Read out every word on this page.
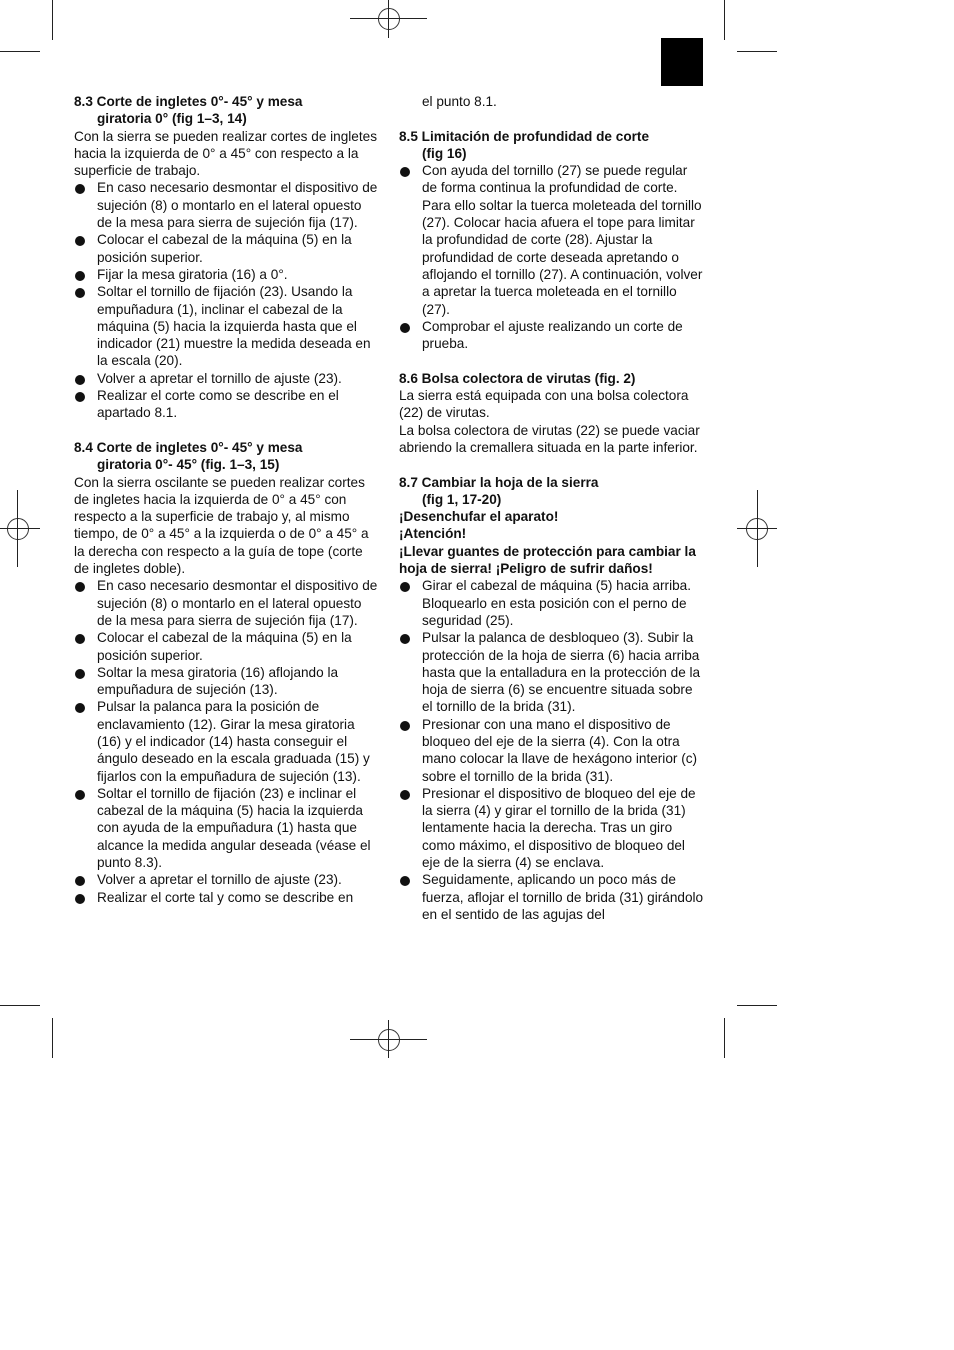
8.3 Corte de ingletes 0°- 45° y mesa
giratoria 0° (fig 1–3, 14)

Con la sierra se pueden realizar cortes de ingletes hacia la izquierda de 0° a 45° con respecto a la superficie de trabajo.

En caso necesario desmontar el dispositivo de sujeción (8) o montarlo en el lateral opuesto de la mesa para sierra de sujeción fija (17).
Colocar el cabezal de la máquina (5) en la posición superior.
Fijar la mesa giratoria (16) a 0°.
Soltar el tornillo de fijación (23). Usando la empuñadura (1), inclinar el cabezal de la máquina (5) hacia la izquierda hasta que el indicador (21) muestre la medida deseada en la escala (20).
Volver a apretar el tornillo de ajuste (23).
Realizar el corte como se describe en el apartado 8.1.

8.4 Corte de ingletes 0°- 45° y mesa
giratoria 0°- 45° (fig. 1–3, 15)

Con la sierra oscilante se pueden realizar cortes de ingletes hacia la izquierda de 0° a 45° con respecto a la superficie de trabajo y, al mismo tiempo, de 0° a 45° a la izquierda o de 0° a 45° a la derecha con respecto a la guía de tope (corte de ingletes doble).

En caso necesario desmontar el dispositivo de sujeción (8) o montarlo en el lateral opuesto de la mesa para sierra de sujeción fija (17).
Colocar el cabezal de la máquina (5) en la posición superior.
Soltar la mesa giratoria (16) aflojando la empuñadura de sujeción (13).
Pulsar la palanca para la posición de enclavamiento (12). Girar la mesa giratoria (16) y el indicador (14) hasta conseguir el ángulo deseado en la escala graduada (15) y fijarlos con la empuñadura de sujeción (13).
Soltar el tornillo de fijación (23) e inclinar el cabezal de la máquina (5) hacia la izquierda con ayuda de la empuñadura (1) hasta que alcance la medida angular deseada (véase el punto 8.3).
Volver a apretar el tornillo de ajuste (23).
Realizar el corte tal y como se describe en

el punto 8.1.

8.5 Limitación de profundidad de corte
(fig 16)

Con ayuda del tornillo (27) se puede regular de forma continua la profundidad de corte. Para ello soltar la tuerca moleteada del tornillo (27). Colocar hacia afuera el tope para limitar la profundidad de corte (28). Ajustar la profundidad de corte deseada apretando o aflojando el tornillo (27). A continuación, volver a apretar la tuerca moleteada en el tornillo (27).
Comprobar el ajuste realizando un corte de prueba.

8.6 Bolsa colectora de virutas (fig. 2)

La sierra está equipada con una bolsa colectora (22) de virutas.

La bolsa colectora de virutas (22) se puede vaciar abriendo la cremallera situada en la parte inferior.

8.7 Cambiar la hoja de la sierra
(fig 1, 17-20)

¡Desenchufar el aparato!

¡Atención!

¡Llevar guantes de protección para cambiar la hoja de sierra! ¡Peligro de sufrir daños!

Girar el cabezal de máquina (5) hacia arriba. Bloquearlo en esta posición con el perno de seguridad (25).
Pulsar la palanca de desbloqueo (3). Subir la protección de la hoja de sierra (6) hacia arriba hasta que la entalladura en la protección de la hoja de sierra (6) se encuentre situada sobre el tornillo de la brida (31).
Presionar con una mano el dispositivo de bloqueo del eje de la sierra (4). Con la otra mano colocar la llave de hexágono interior (c) sobre el tornillo de la brida (31).
Presionar el dispositivo de bloqueo del eje de la sierra (4) y girar el tornillo de la brida (31) lentamente hacia la derecha. Tras un giro como máximo, el dispositivo de bloqueo del eje de la sierra (4) se enclava.
Seguidamente, aplicando un poco más de fuerza, aflojar el tornillo de brida (31) girándolo en el sentido de las agujas del
